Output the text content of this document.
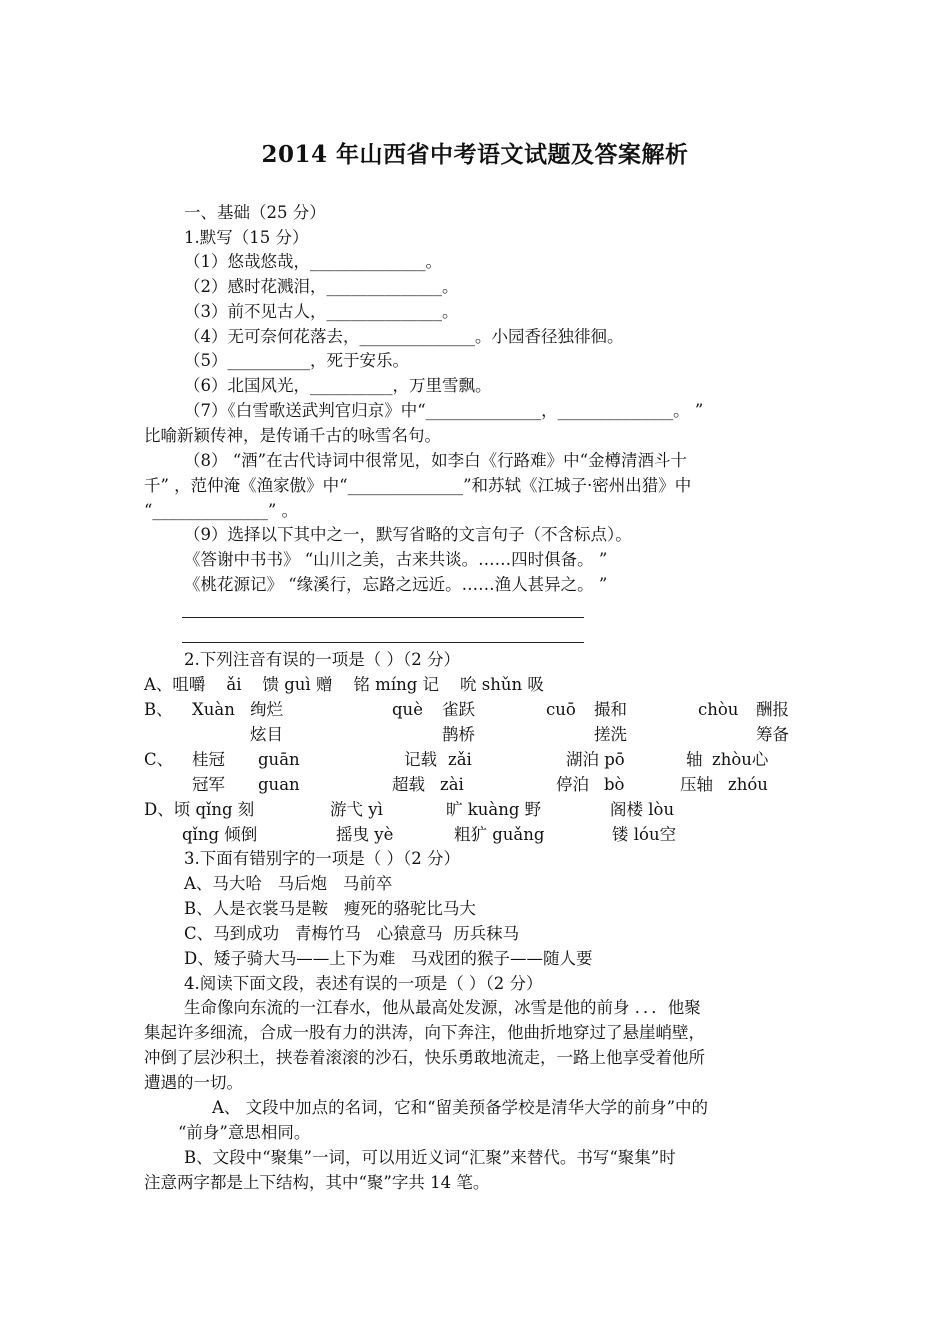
2014 年山西省中考语文试题及答案解析
一、基础（25 分）
1.默写（15 分）
（1）悠哉悠哉，______________。
（2）感时花溅泪，______________。
（3）前不见古人，______________。
（4）无可奈何花落去，______________。小园香径独徘徊。
（5）__________，死于安乐。
（6）北国风光，__________，万里雪飘。
（7）《白雪歌送武判官归京》中“______________，______________。 ”
比喻新颖传神，是传诵千古的咏雪名句。
（8） “酒”在古代诗词中很常见，如李白《行路难》中“金樽清酒斗十
千” ，范仲淹《渔家傲》中“______________”和苏轼《江城子·密州出猎》中
“______________” 。
（9）选择以下其中之一，默写省略的文言句子（不含标点）。
《答谢中书书》 “山川之美，古来共谈。……四时俱备。 ”
《桃花源记》 “缘溪行，忘路之远近。……渔人甚异之。 ”
2.下列注音有误的一项是（ ）（2 分）
A、咀嚼    ǎi    馈 guì 赠    铭 míng 记    吮 shǔn 吸
B、 Xuàn 绚烂	què 雀跃	cuō 撮和	chòu 酬报
炫目	鹊桥	搓洗	筹备
C、 桂冠 guān	记载 zǎi	湖泊 pō	轴 zhòu心
冠军 guan	超载 zài	停泊 bò	压轴 zhóu
D、顷 qǐng 刻	游弋 yì	旷 kuàng 野	阁楼 lòu
qǐng 倾倒	摇曳 yè	粗犷 guǎng	镂 lóu空
3.下面有错别字的一项是（ ）（2 分）
A、马大哈   马后炮   马前卒
B、人是衣裳马是鞍   瘦死的骆驼比马大
C、马到成功   青梅竹马   心猿意马  历兵秣马
D、矮子骑大马——上下为难   马戏团的猴子——随人要
4.阅读下面文段，表述有误的一项是（ ）（2 分）
生命像向东流的一江春水，他从最高处发源，冰雪是他的前身 ．．．他聚
集起许多细流，合成一股有力的洪涛，向下奔注，他曲折地穿过了悬崖峭壁，
冲倒了层沙积土，挟卷着滚滚的沙石，快乐勇敢地流走，一路上他享受着他所
遭遇的一切。
A、 文段中加点的名词，它和“留美预备学校是清华大学的前身”中的
“前身”意思相同。
B、文段中“聚集”一词，可以用近义词“汇聚”来替代。书写“聚集”时
注意两字都是上下结构，其中“聚”字共 14 笔。
